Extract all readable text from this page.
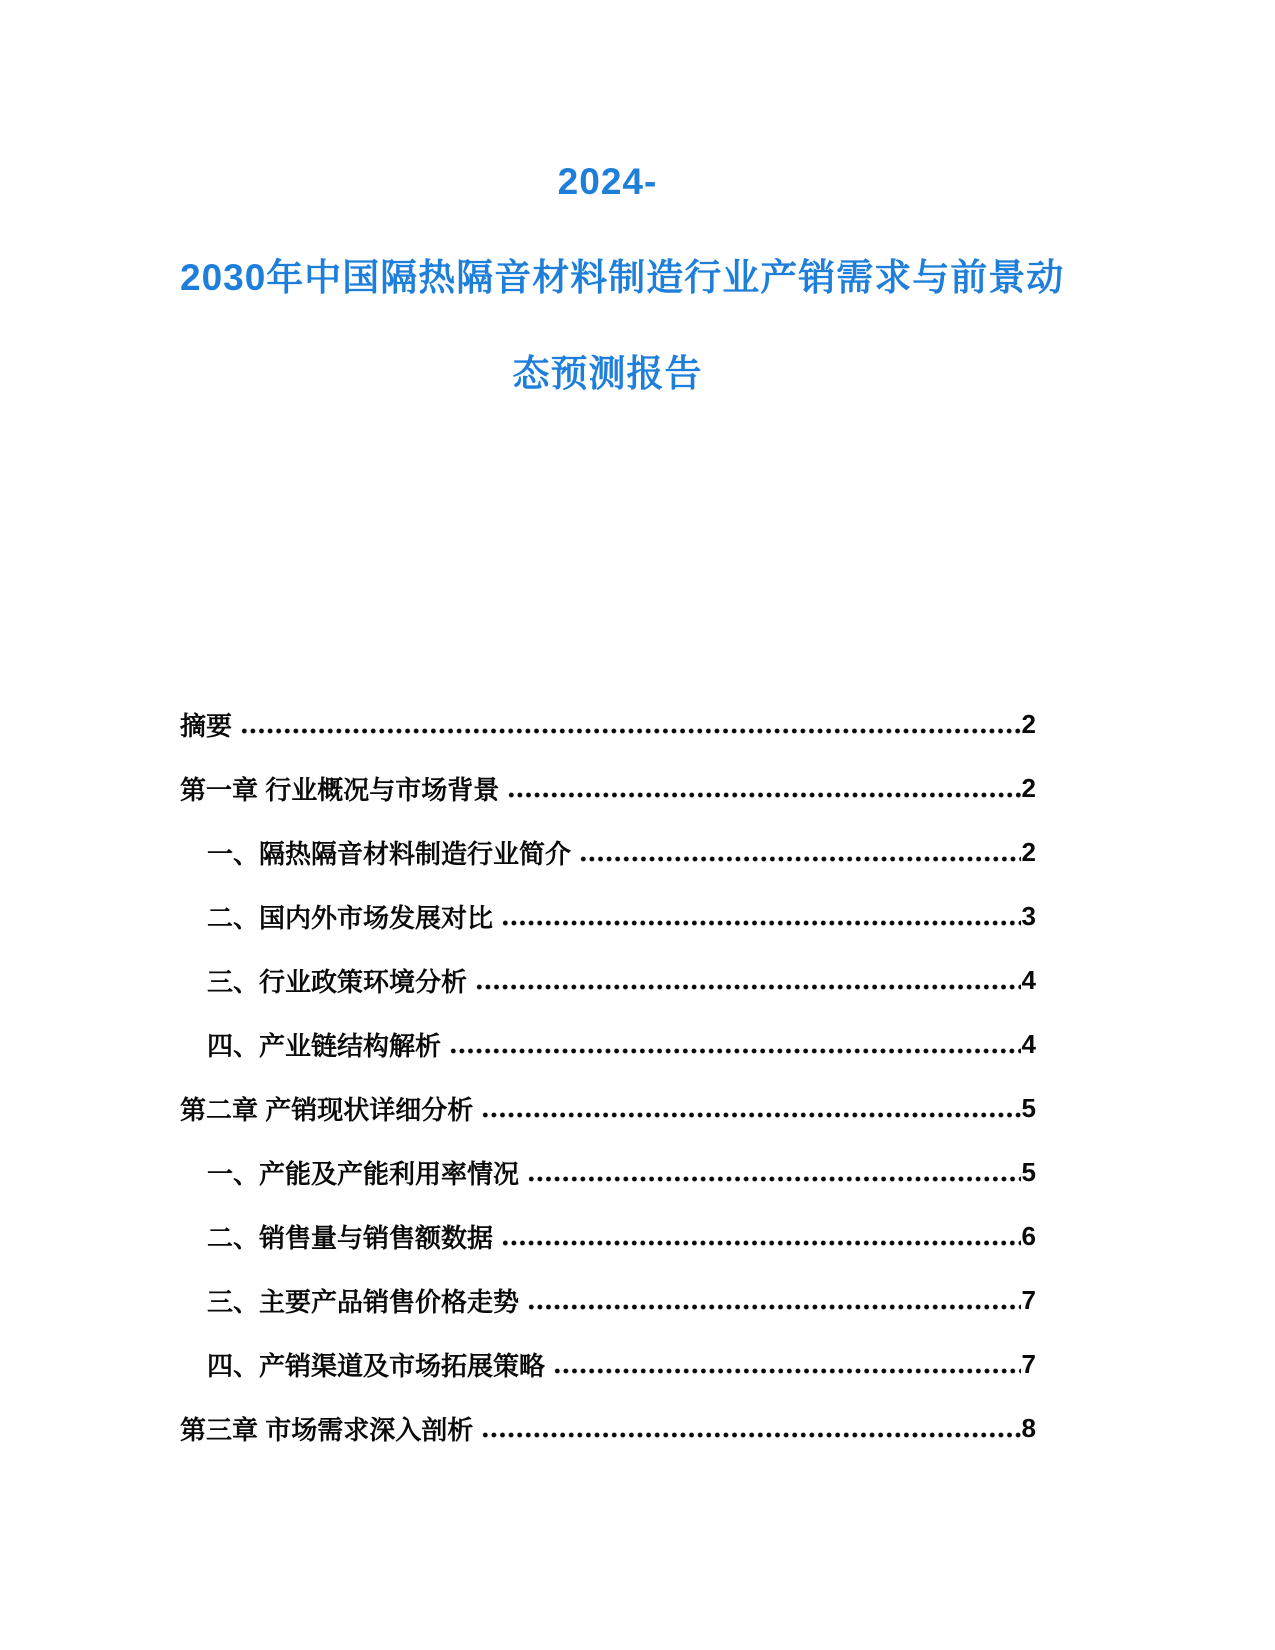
2024-
2030年中国隔热隔音材料制造行业产销需求与前景动
态预测报告
摘要	2
第一章 行业概况与市场背景	2
一、隔热隔音材料制造行业简介	2
二、国内外市场发展对比	3
三、行业政策环境分析	4
四、产业链结构解析	4
第二章 产销现状详细分析	5
一、产能及产能利用率情况	5
二、销售量与销售额数据	6
三、主要产品销售价格走势	7
四、产销渠道及市场拓展策略	7
第三章 市场需求深入剖析	8
